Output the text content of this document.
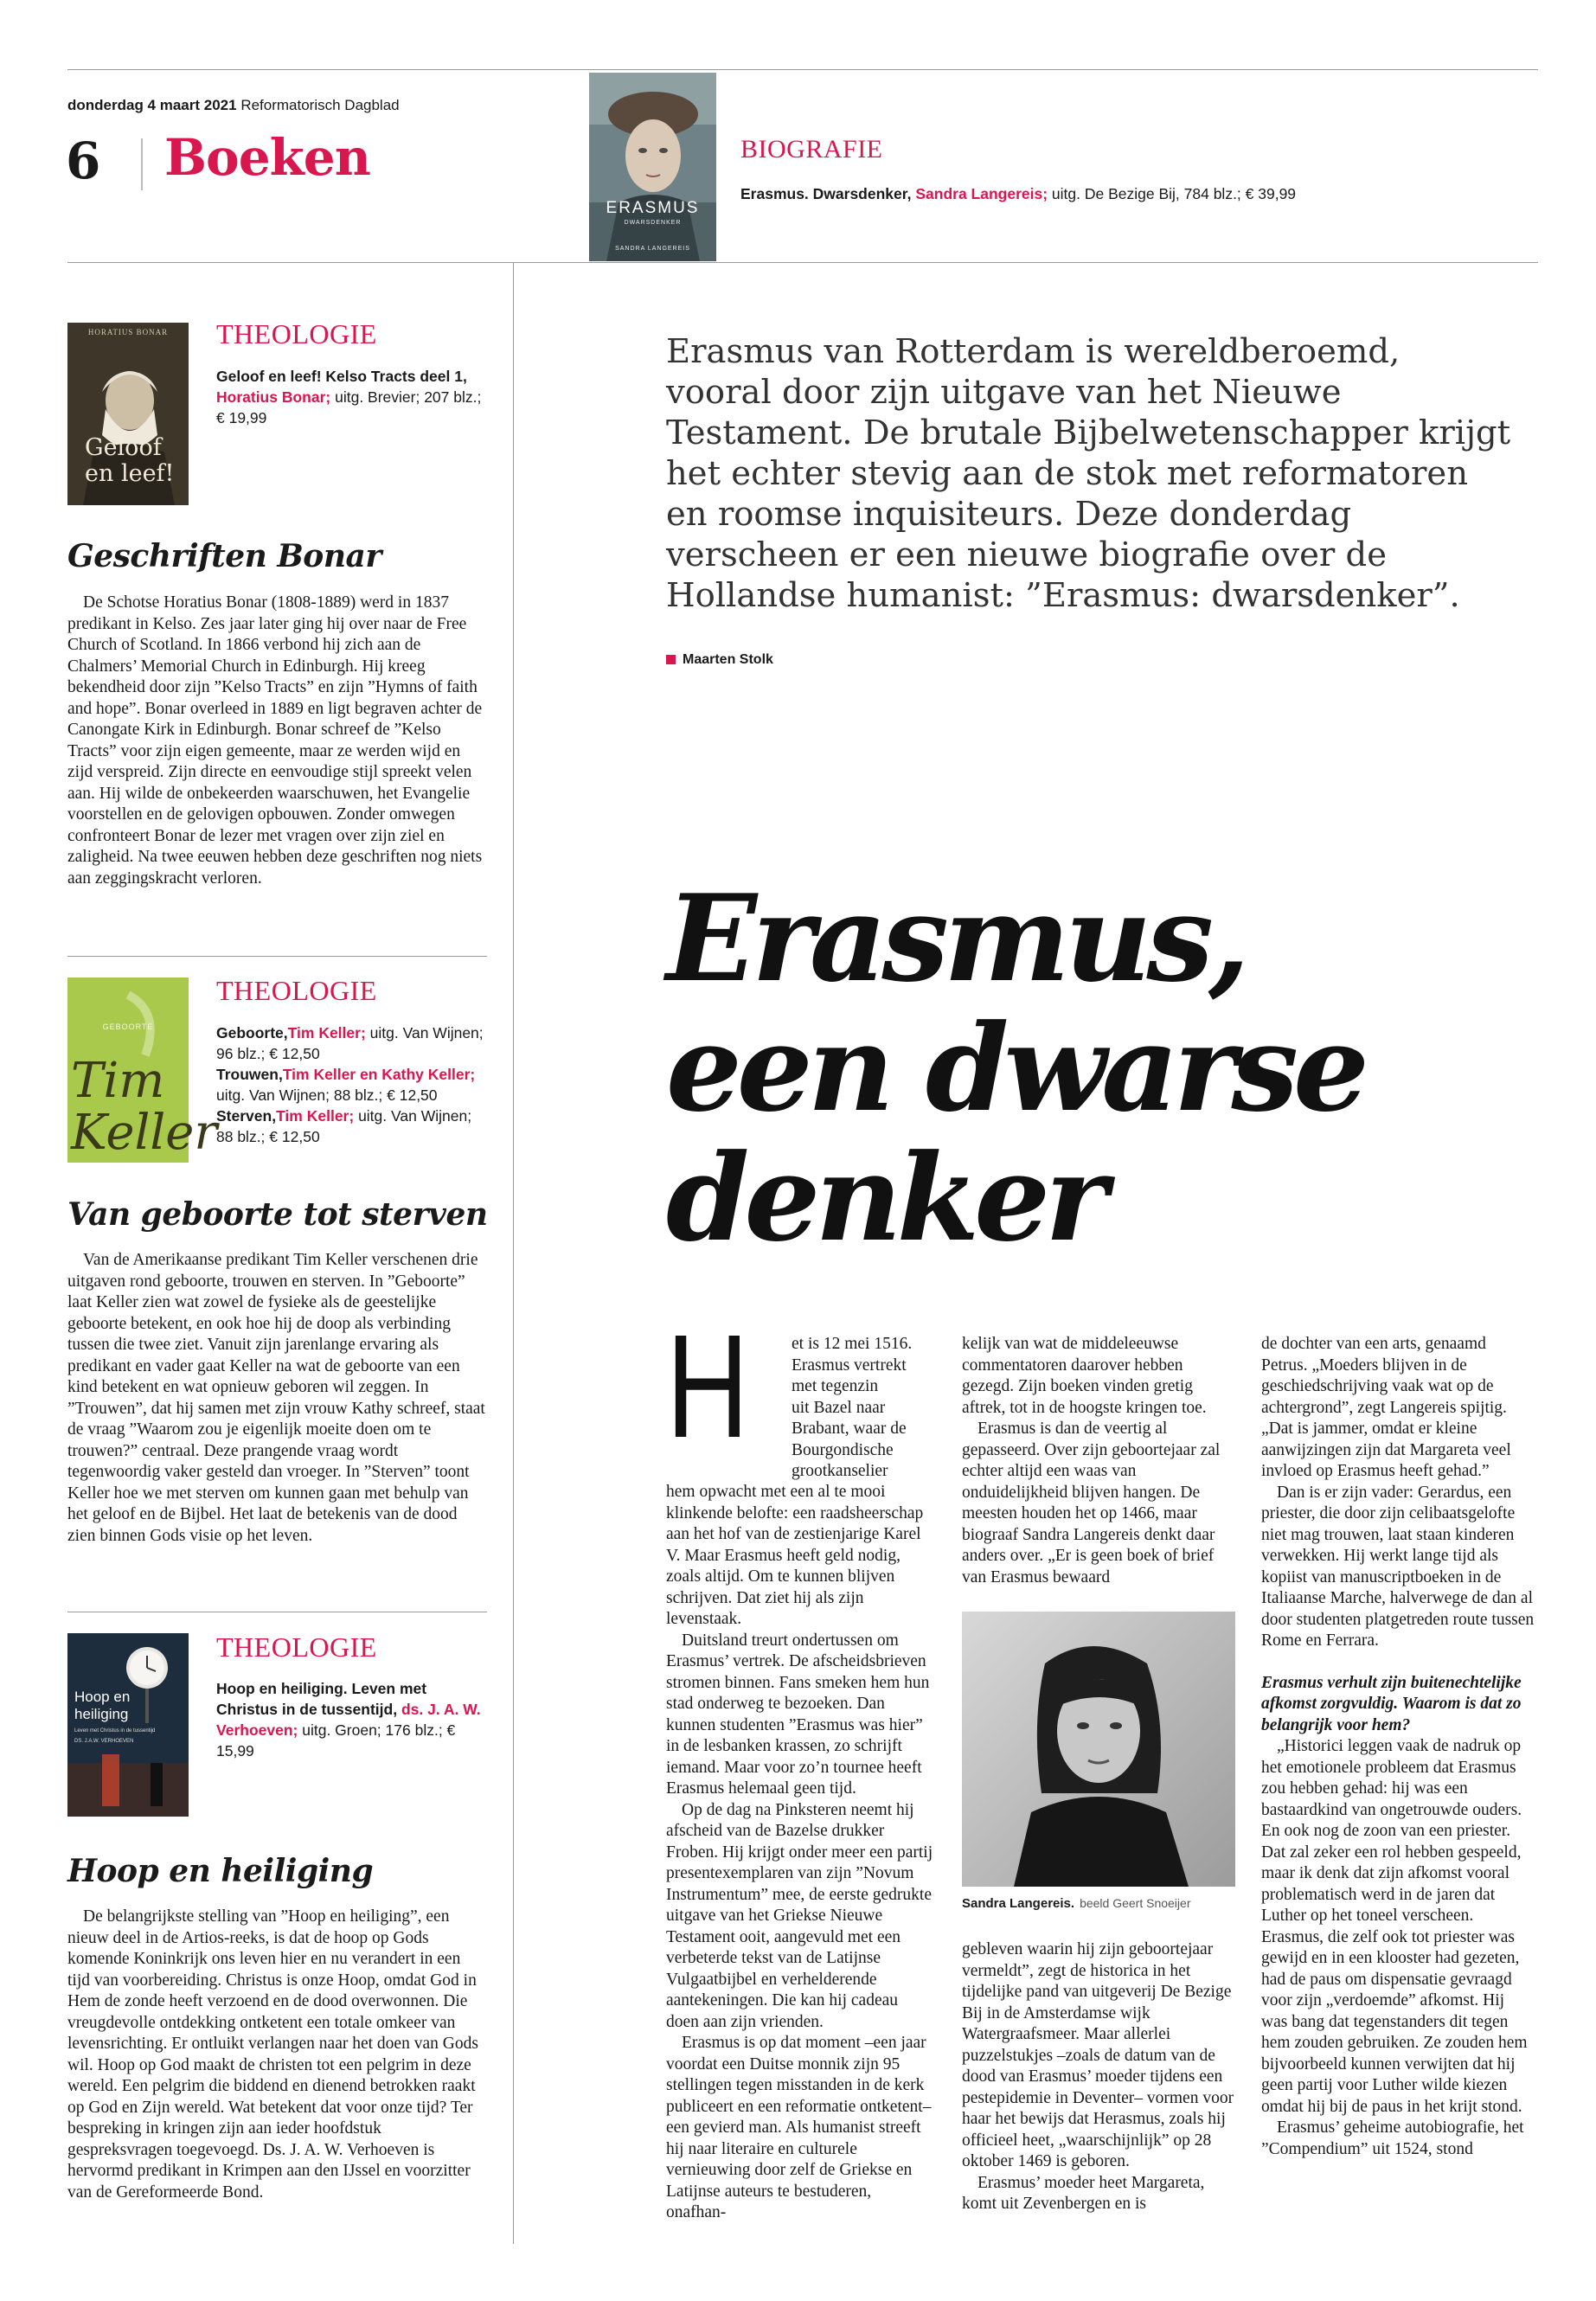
donderdag 4 maart 2021 Reformatorisch Dagblad
6 Boeken
ERASMUS
DWARSDENKER
SANDRA LANGEREIS
BIOGRAFIE
Erasmus. Dwarsdenker, Sandra Langereis; uitg. De Bezige Bij, 784 blz.; € 39,99
HORATIUS BONAR
Geloof en leef!
THEOLOGIE
Geloof en leef! Kelso Tracts deel 1, Horatius Bonar; uitg. Brevier; 207 blz.; € 19,99
Geschriften Bonar
De Schotse Horatius Bonar (1808-1889) werd in 1837 predikant in Kelso. Zes jaar later ging hij over naar de Free Church of Scotland. In 1866 verbond hij zich aan de Chalmers’ Memorial Church in Edinburgh. Hij kreeg bekendheid door zijn ”Kelso Tracts” en zijn ”Hymns of faith and hope”. Bonar overleed in 1889 en ligt begraven achter de Canongate Kirk in Edinburgh. Bonar schreef de ”Kelso Tracts” voor zijn eigen gemeente, maar ze werden wijd en zijd verspreid. Zijn directe en eenvoudige stijl spreekt velen aan. Hij wilde de onbekeerden waarschuwen, het Evangelie voorstellen en de gelovigen opbouwen. Zonder omwegen confronteert Bonar de lezer met vragen over zijn ziel en zaligheid. Na twee eeuwen hebben deze geschriften nog niets aan zeggingskracht verloren.
GEBOORTE
Tim Keller
THEOLOGIE
Geboorte,Tim Keller; uitg. Van Wijnen; 96 blz.; € 12,50
Trouwen,Tim Keller en Kathy Keller; uitg. Van Wijnen; 88 blz.; € 12,50
Sterven,Tim Keller; uitg. Van Wijnen; 88 blz.; € 12,50
Van geboorte tot sterven
Van de Amerikaanse predikant Tim Keller verschenen drie uitgaven rond geboorte, trouwen en sterven. In ”Geboorte” laat Keller zien wat zowel de fysieke als de geestelijke geboorte betekent, en ook hoe hij de doop als verbinding tussen die twee ziet. Vanuit zijn jarenlange ervaring als predikant en vader gaat Keller na wat de geboorte van een kind betekent en wat opnieuw geboren wil zeggen. In ”Trouwen”, dat hij samen met zijn vrouw Kathy schreef, staat de vraag ”Waarom zou je eigenlijk moeite doen om te trouwen?” centraal. Deze prangende vraag wordt tegenwoordig vaker gesteld dan vroeger. In ”Sterven” toont Keller hoe we met sterven om kunnen gaan met behulp van het geloof en de Bijbel. Het laat de betekenis van de dood zien binnen Gods visie op het leven.
Hoop en heiliging
Leven met Christus in de tussentijd
DS. J.A.W. VERHOEVEN
THEOLOGIE
Hoop en heiliging. Leven met Christus in de tussentijd, ds. J. A. W. Verhoeven; uitg. Groen; 176 blz.; € 15,99
Hoop en heiliging
De belangrijkste stelling van ”Hoop en heiliging”, een nieuw deel in de Artios-reeks, is dat de hoop op Gods komende Koninkrijk ons leven hier en nu verandert in een tijd van voorbereiding. Christus is onze Hoop, omdat God in Hem de zonde heeft verzoend en de dood overwonnen. Die vreugdevolle ontdekking ontketent een totale omkeer van levensrichting. Er ontluikt verlangen naar het doen van Gods wil. Hoop op God maakt de christen tot een pelgrim in deze wereld. Een pelgrim die biddend en dienend betrokken raakt op God en Zijn wereld. Wat betekent dat voor onze tijd? Ter bespreking in kringen zijn aan ieder hoofdstuk gespreksvragen toegevoegd. Ds. J. A. W. Verhoeven is hervormd predikant in Krimpen aan den IJssel en voorzitter van de Gereformeerde Bond.
Erasmus van Rotterdam is wereldberoemd, vooral door zijn uitgave van het Nieuwe Testament. De brutale Bijbelwetenschapper krijgt het echter stevig aan de stok met reformatoren en roomse inquisiteurs. Deze donderdag verscheen er een nieuwe biografie over de Hollandse humanist: ”Erasmus: dwarsdenker”.
Maarten Stolk
Erasmus,
een dwarse
denker
H	et is 12 mei 1516.
Erasmus vertrekt
met tegenzin
uit Bazel naar
Brabant, waar de
Bourgondische
grootkanselier

hem opwacht met een al te mooi klinkende belofte: een raadsheerschap aan het hof van de zestienjarige Karel V. Maar Erasmus heeft geld nodig, zoals altijd. Om te kunnen blijven schrijven. Dat ziet hij als zijn levenstaak.

Duitsland treurt ondertussen om Erasmus’ vertrek. De afscheidsbrieven stromen binnen. Fans smeken hem hun stad onderweg te bezoeken. Dan kunnen studenten ”Erasmus was hier” in de lesbanken krassen, zo schrijft iemand. Maar voor zo’n tournee heeft Erasmus helemaal geen tijd.

Op de dag na Pinksteren neemt hij afscheid van de Bazelse drukker Froben. Hij krijgt onder meer een partij presentexemplaren van zijn ”Novum Instrumentum” mee, de eerste gedrukte uitgave van het Griekse Nieuwe Testament ooit, aangevuld met een verbeterde tekst van de Latijnse Vulgaatbijbel en verhelderende aantekeningen. Die kan hij cadeau doen aan zijn vrienden.

Erasmus is op dat moment –een jaar voordat een Duitse monnik zijn 95 stellingen tegen misstanden in de kerk publiceert en een reformatie ontketent– een gevierd man. Als humanist streeft hij naar literaire en culturele vernieuwing door zelf de Griekse en Latijnse auteurs te bestuderen, onafhan-

kelijk van wat de middeleeuwse commentatoren daarover hebben gezegd. Zijn boeken vinden gretig aftrek, tot in de hoogste kringen toe.

Erasmus is dan de veertig al gepasseerd. Over zijn geboortejaar zal echter altijd een waas van onduidelijkheid blijven hangen. De meesten houden het op 1466, maar biograaf Sandra Langereis denkt daar anders over. „Er is geen boek of brief van Erasmus bewaard

Sandra Langereis. beeld Geert Snoeijer

gebleven waarin hij zijn geboortejaar vermeldt”, zegt de historica in het tijdelijke pand van uitgeverij De Bezige Bij in de Amsterdamse wijk Watergraafsmeer. Maar allerlei puzzelstukjes –zoals de datum van de dood van Erasmus’ moeder tijdens een pestepidemie in Deventer– vormen voor haar het bewijs dat Herasmus, zoals hij officieel heet, „waarschijnlijk” op 28 oktober 1469 is geboren.

Erasmus’ moeder heet Margareta, komt uit Zevenbergen en is

de dochter van een arts, genaamd Petrus. „Moeders blijven in de geschiedschrijving vaak wat op de achtergrond”, zegt Langereis spijtig. „Dat is jammer, omdat er kleine aanwijzingen zijn dat Margareta veel invloed op Erasmus heeft gehad.”

Dan is er zijn vader: Gerardus, een priester, die door zijn celibaatsgelofte niet mag trouwen, laat staan kinderen verwekken. Hij werkt lange tijd als kopiist van manuscriptboeken in de Italiaanse Marche, halverwege de dan al door studenten platgetreden route tussen Rome en Ferrara.

Erasmus verhult zijn buitenechtelijke afkomst zorgvuldig. Waarom is dat zo belangrijk voor hem?

„Historici leggen vaak de nadruk op het emotionele probleem dat Erasmus zou hebben gehad: hij was een bastaardkind van ongetrouwde ouders. En ook nog de zoon van een priester. Dat zal zeker een rol hebben gespeeld, maar ik denk dat zijn afkomst vooral problematisch werd in de jaren dat Luther op het toneel verscheen. Erasmus, die zelf ook tot priester was gewijd en in een klooster had gezeten, had de paus om dispensatie gevraagd voor zijn „verdoemde” afkomst. Hij was bang dat tegenstanders dit tegen hem zouden gebruiken. Ze zouden hem bijvoorbeeld kunnen verwijten dat hij geen partij voor Luther wilde kiezen omdat hij bij de paus in het krijt stond.

Erasmus’ geheime autobiografie, het ”Compendium” uit 1524, stond
